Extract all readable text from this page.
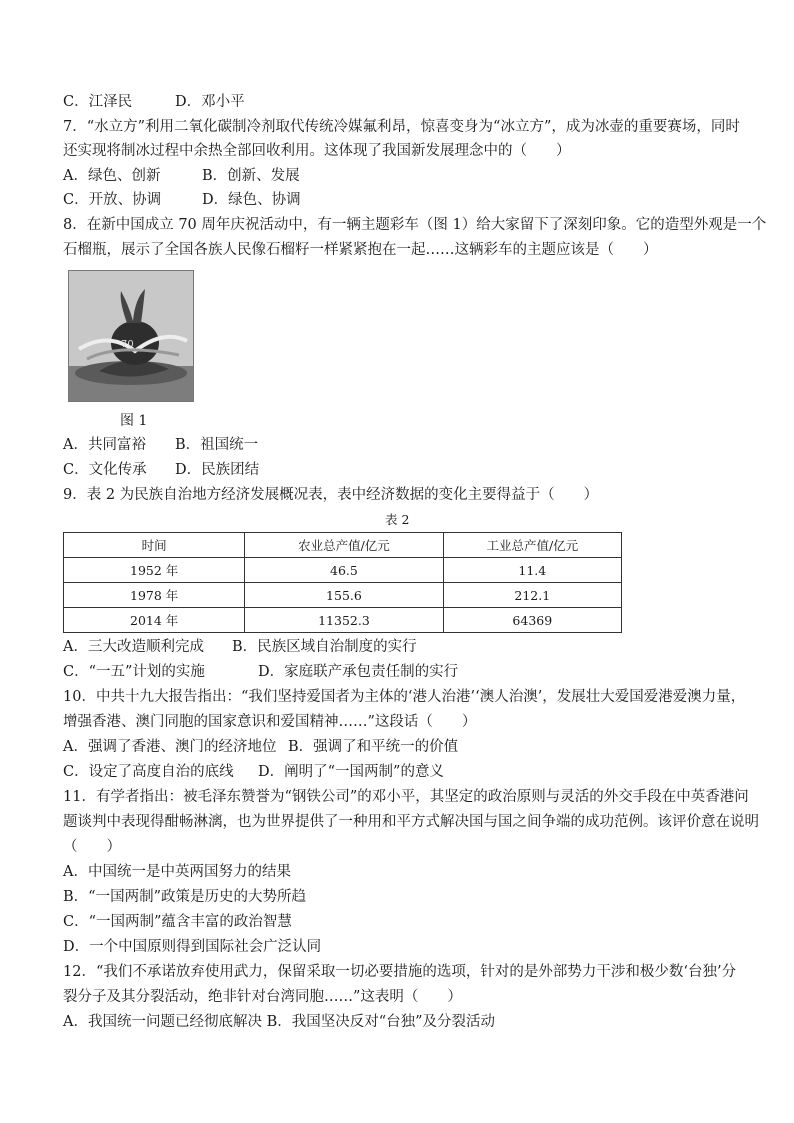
C．江泽民	D．邓小平
7．“水立方”利用二氧化碳制冷剂取代传统冷媒氟利昂，惊喜变身为“冰立方”，成为冰壶的重要赛场，同时
还实现将制冰过程中余热全部回收利用。这体现了我国新发展理念中的（　　）
A．绿色、创新	B．创新、发展
C．开放、协调	D．绿色、协调
8．在新中国成立 70 周年庆祝活动中，有一辆主题彩车（图 1）给大家留下了深刻印象。它的造型外观是一个
石榴瓶，展示了全国各族人民像石榴籽一样紧紧抱在一起……这辆彩车的主题应该是（　　）
70
图 1
A．共同富裕 B．祖国统一
C．文化传承 D．民族团结
9．表 2 为民族自治地方经济发展概况表，表中经济数据的变化主要得益于（　　）
表 2
时间	农业总产值/亿元	工业总产值/亿元
1952 年	46.5	11.4
1978 年	155.6	212.1
2014 年	11352.3	64369
A．三大改造顺利完成 B．民族区域自治制度的实行
C．“一五”计划的实施	D．家庭联产承包责任制的实行
10．中共十九大报告指出：“我们坚持爱国者为主体的‘港人治港’‘澳人治澳’，发展壮大爱国爱港爱澳力量，
增强香港、澳门同胞的国家意识和爱国精神……”这段话（　　）
A．强调了香港、澳门的经济地位 B．强调了和平统一的价值
C．设定了高度自治的底线 D．阐明了“一国两制”的意义
11．有学者指出：被毛泽东赞誉为“钢铁公司”的邓小平，其坚定的政治原则与灵活的外交手段在中英香港问
题谈判中表现得酣畅淋漓，也为世界提供了一种用和平方式解决国与国之间争端的成功范例。该评价意在说明
（　　）
A．中国统一是中英两国努力的结果
B．“一国两制”政策是历史的大势所趋
C．“一国两制”蕴含丰富的政治智慧
D．一个中国原则得到国际社会广泛认同
12．“我们不承诺放弃使用武力，保留采取一切必要措施的选项，针对的是外部势力干涉和极少数‘台独’分
裂分子及其分裂活动，绝非针对台湾同胞……”这表明（　　）
A．我国统一问题已经彻底解决 B．我国坚决反对“台独”及分裂活动
